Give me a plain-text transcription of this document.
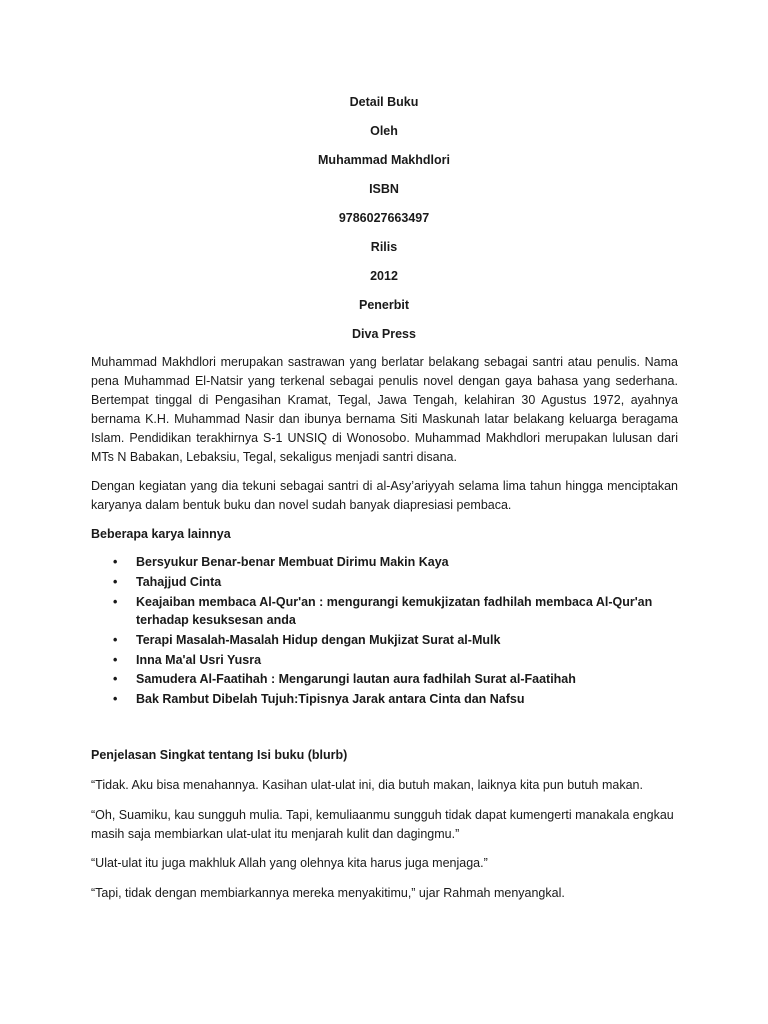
Detail Buku
Oleh
Muhammad Makhdlori
ISBN
9786027663497
Rilis
2012
Penerbit
Diva Press
Muhammad Makhdlori merupakan sastrawan yang berlatar belakang sebagai santri atau penulis. Nama pena Muhammad El-Natsir yang terkenal sebagai penulis novel dengan gaya bahasa yang sederhana. Bertempat tinggal di Pengasihan Kramat, Tegal, Jawa Tengah, kelahiran 30 Agustus 1972, ayahnya bernama K.H. Muhammad Nasir dan ibunya bernama Siti Maskunah latar belakang keluarga beragama Islam. Pendidikan terakhirnya S-1 UNSIQ di Wonosobo. Muhammad Makhdlori merupakan lulusan dari MTs N Babakan, Lebaksiu, Tegal, sekaligus menjadi santri disana.
Dengan kegiatan yang dia tekuni sebagai santri di al-Asy’ariyyah selama lima tahun hingga menciptakan karyanya dalam bentuk buku dan novel sudah banyak diapresiasi pembaca.
Beberapa karya lainnya
• Bersyukur Benar-benar Membuat Dirimu Makin Kaya
• Tahajjud Cinta
• Keajaiban membaca Al-Qur'an : mengurangi kemukjizatan fadhilah membaca Al-Qur'an terhadap kesuksesan anda
• Terapi Masalah-Masalah Hidup dengan Mukjizat Surat al-Mulk
• Inna Ma'al Usri Yusra
• Samudera Al-Faatihah : Mengarungi lautan aura fadhilah Surat al-Faatihah
• Bak Rambut Dibelah Tujuh:Tipisnya Jarak antara Cinta dan Nafsu
Penjelasan Singkat tentang Isi buku (blurb)
“Tidak. Aku bisa menahannya. Kasihan ulat-ulat ini, dia butuh makan, laiknya kita pun butuh makan.
“Oh, Suamiku, kau sungguh mulia. Tapi, kemuliaanmu sungguh tidak dapat kumengerti manakala engkau masih saja membiarkan ulat-ulat itu menjarah kulit dan dagingmu.”
“Ulat-ulat itu juga makhluk Allah yang olehnya kita harus juga menjaga.”
“Tapi, tidak dengan membiarkannya mereka menyakitimu,” ujar Rahmah menyangkal.
